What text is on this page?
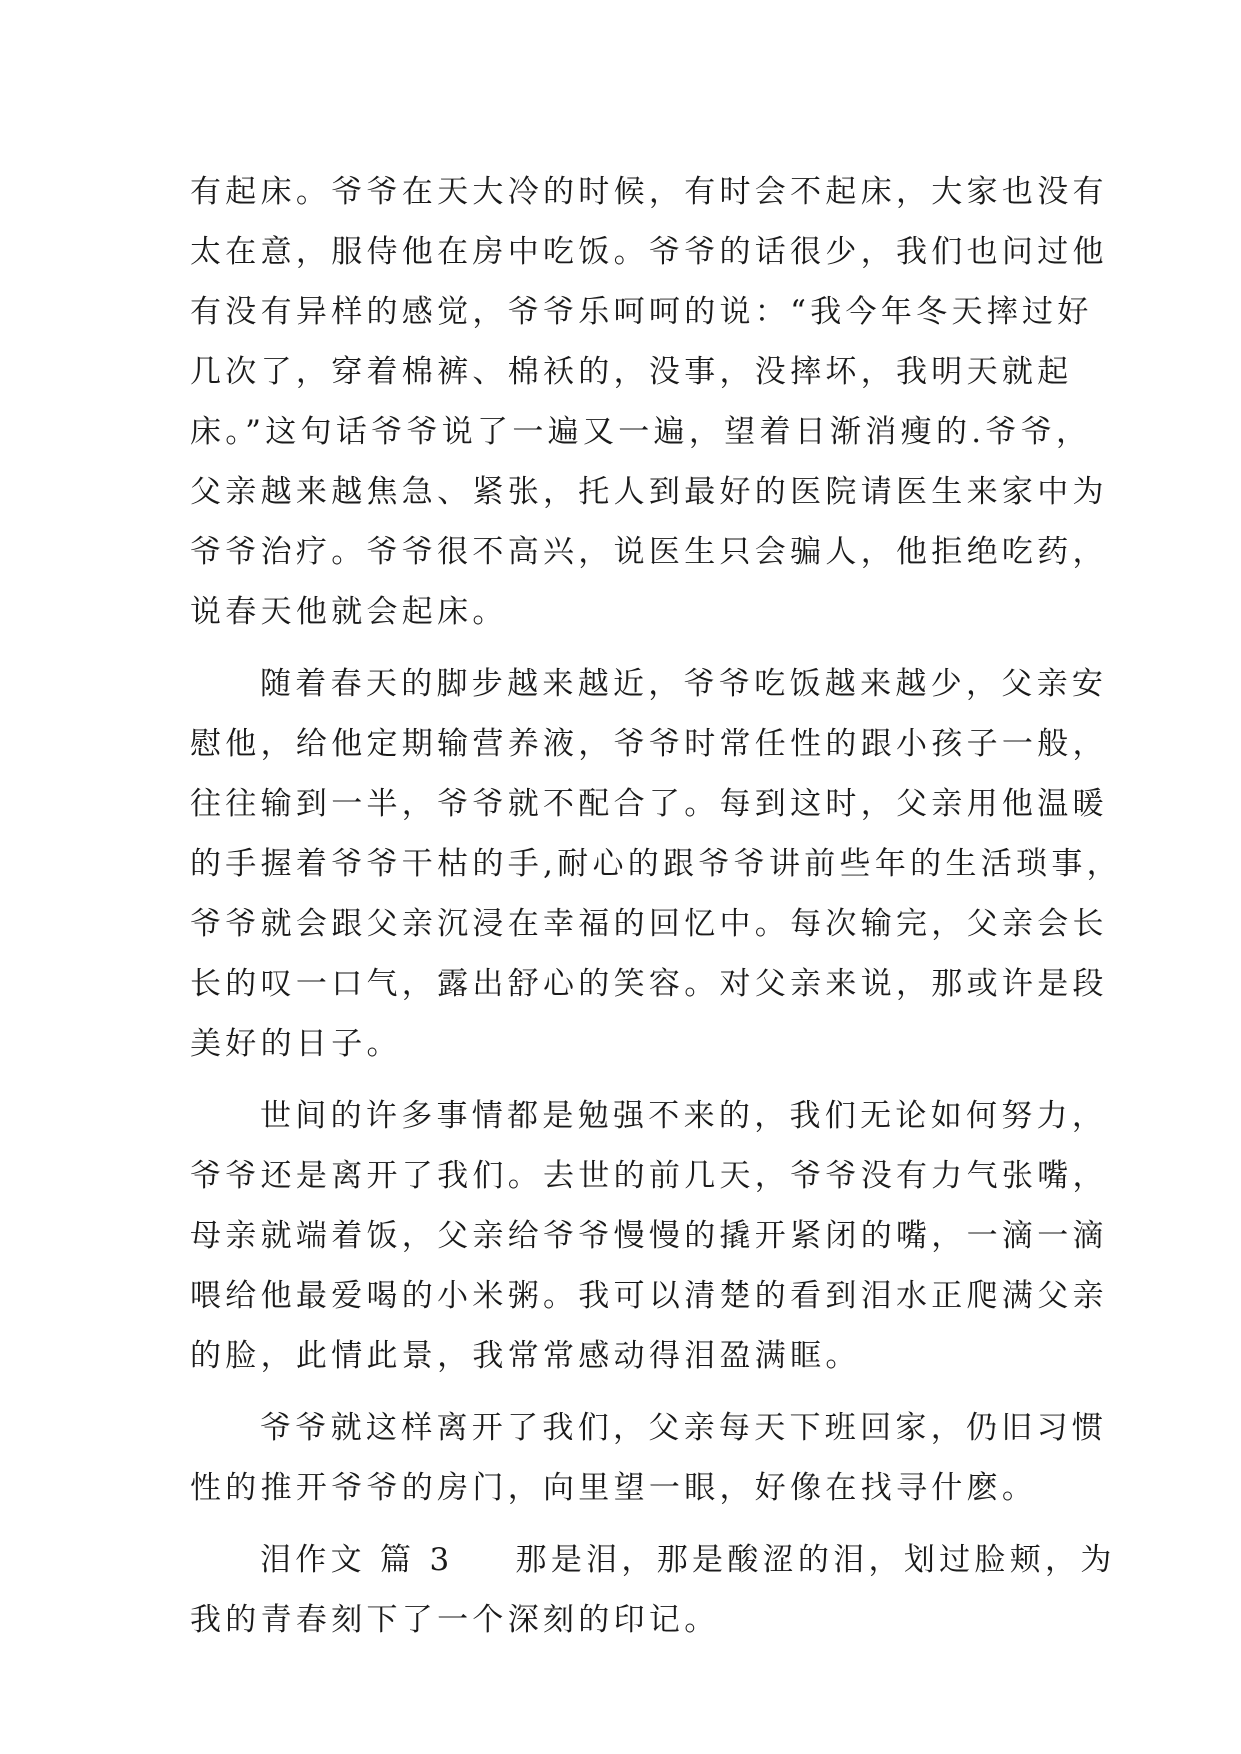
有起床。爷爷在天大冷的时候，有时会不起床，大家也没有
太在意，服侍他在房中吃饭。爷爷的话很少，我们也问过他
有没有异样的感觉，爷爷乐呵呵的说：“我今年冬天摔过好
几次了，穿着棉裤、棉袄的，没事，没摔坏，我明天就起
床。”这句话爷爷说了一遍又一遍，望着日渐消瘦的.爷爷，
父亲越来越焦急、紧张，托人到最好的医院请医生来家中为
爷爷治疗。爷爷很不高兴，说医生只会骗人，他拒绝吃药，
说春天他就会起床。
随着春天的脚步越来越近，爷爷吃饭越来越少，父亲安
慰他，给他定期输营养液，爷爷时常任性的跟小孩子一般，
往往输到一半，爷爷就不配合了。每到这时，父亲用他温暖
的手握着爷爷干枯的手,耐心的跟爷爷讲前些年的生活琐事，
爷爷就会跟父亲沉浸在幸福的回忆中。每次输完，父亲会长
长的叹一口气，露出舒心的笑容。对父亲来说，那或许是段
美好的日子。
世间的许多事情都是勉强不来的，我们无论如何努力，
爷爷还是离开了我们。去世的前几天，爷爷没有力气张嘴，
母亲就端着饭，父亲给爷爷慢慢的撬开紧闭的嘴，一滴一滴
喂给他最爱喝的小米粥。我可以清楚的看到泪水正爬满父亲
的脸，此情此景，我常常感动得泪盈满眶。
爷爷就这样离开了我们，父亲每天下班回家，仍旧习惯
性的推开爷爷的房门，向里望一眼，好像在找寻什麽。
泪作文 篇 3 那是泪，那是酸涩的泪，划过脸颊，为
我的青春刻下了一个深刻的印记。
